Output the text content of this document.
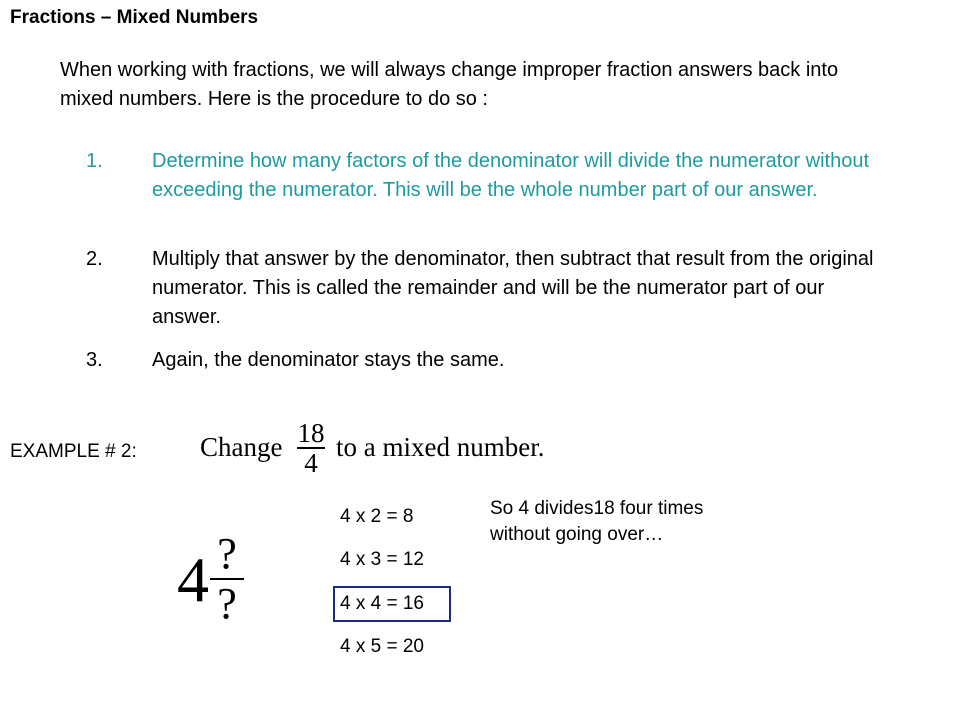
Fractions – Mixed Numbers
When working with fractions, we will always change improper fraction answers back into mixed numbers. Here is the procedure to do so :
1. Determine how many factors of the denominator will divide the numerator without exceeding the numerator. This will be the whole number part of our answer.
2. Multiply that answer by the denominator, then subtract that result from the original numerator. This is called the remainder and will be the numerator part of our answer.
3. Again, the denominator stays the same.
EXAMPLE # 2: Change 18
4
to a mixed number.
4 x 2 = 8
4 x 3 = 12
4 x 4 = 16
4 x 5 = 20
So 4 divides18 four times without going over…
4 ?
?
